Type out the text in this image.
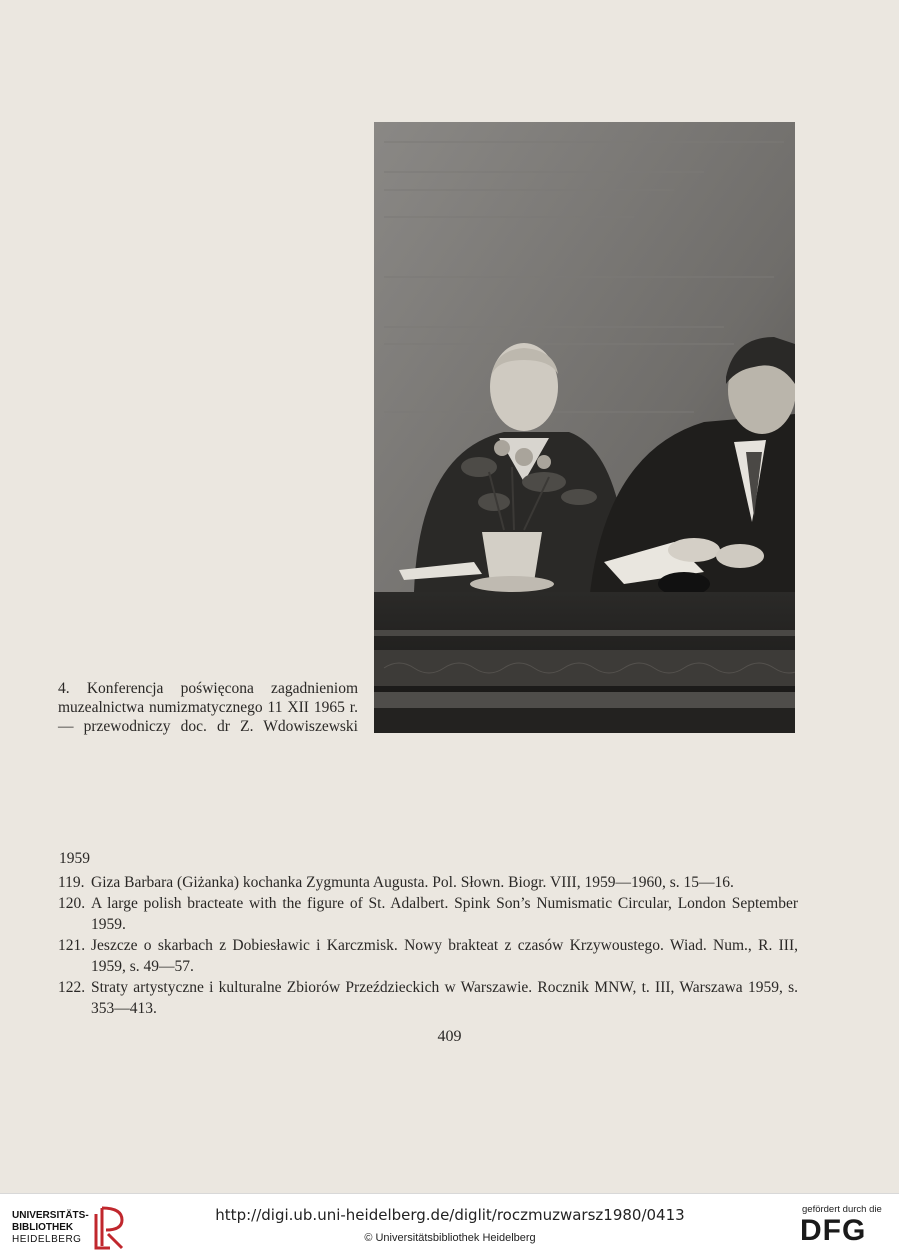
4. Konferencja poświęcona zagadnieniom
muzealnictwa numizmatycznego 11 XII 1965 r.
— przewodniczy doc. dr Z. Wdowiszewski
1959
119. Giza Barbara (Giżanka) kochanka Zygmunta Augusta. Pol. Słown. Biogr. VIII, 1959—1960, s. 15—16.
120. A large polish bracteate with the figure of St. Adalbert. Spink Son’s Numismatic Circular, London September 1959.
121. Jeszcze o skarbach z Dobiesławic i Karczmisk. Nowy brakteat z czasów Krzywoustego. Wiad. Num., R. III, 1959, s. 49—57.
122. Straty artystyczne i kulturalne Zbiorów Przeździeckich w Warszawie. Rocznik MNW, t. III, Warszawa 1959, s. 353—413.
409
UNIVERSITÄTS-
BIBLIOTHEK
HEIDELBERG
http://digi.ub.uni-heidelberg.de/diglit/roczmuzwarsz1980/0413
© Universitätsbibliothek Heidelberg
gefördert durch die
DFG
